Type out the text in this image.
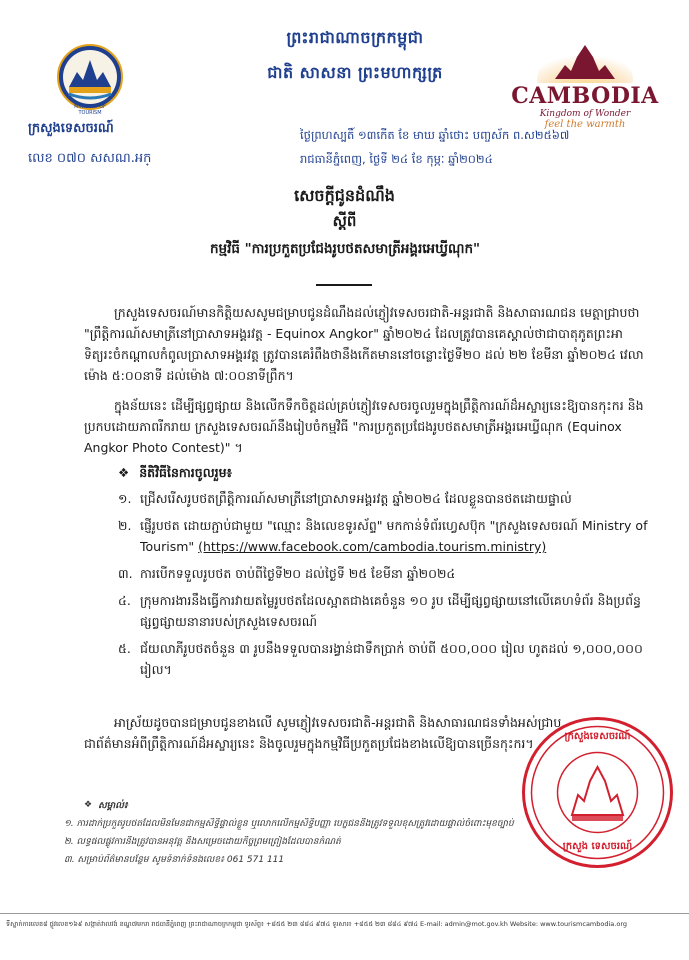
MINISTRY OF TOURISM
ក្រសួងទេសចរណ៍
លេខ ០៧០ សសណ.អក្
ព្រះរាជាណាចក្រកម្ពុជា
ជាតិ សាសនា ព្រះមហាក្សត្រ
CAMBODIA
Kingdom of Wonder
feel the warmth
ថ្ងៃព្រហស្បតិ៍ ១៣កើត ខែ មាឃ ឆ្នាំថោះ បញ្ចស័ក ព.ស២៥៦៧
រាជធានីភ្នំពេញ, ថ្ងៃទី ២៤ ខែ កុម្ភៈ ឆ្នាំ២០២៤
សេចក្តីជូនដំណឹង
ស្តីពី
កម្មវិធី "ការប្រកួតប្រជែងរូបថតសមាត្រីអង្គរអេឃ្វីណុក"
ក្រសួងទេសចរណ៍មានកិត្តិយសសូមជម្រាបជូនដំណឹងដល់ភ្ញៀវទេសចរជាតិ-អន្តរជាតិ និងសាធារណជន មេត្តាជ្រាបថា "ព្រឹត្តិការណ៍សមាត្រីនៅប្រាសាទអង្គរវត្ត - Equinox Angkor" ឆ្នាំ២០២៤ ដែលត្រូវបានគេស្គាល់ថាជាបាតុភូតព្រះអាទិត្យរះចំកណ្តាលកំពូលប្រាសាទអង្គរវត្ត ត្រូវបានគេរំពឹងថានឹងកើតមាននៅចន្លោះថ្ងៃទី២០ ដល់ ២២ ខែមីនា ឆ្នាំ២០២៤ វេលាម៉ោង ៥:០០នាទី ដល់ម៉ោង ៧:០០នាទីព្រឹក។
ក្នុងន័យនេះ ដើម្បីផ្សព្វផ្សាយ និងលើកទឹកចិត្តដល់គ្រប់ភ្ញៀវទេសចរចូលរួមក្នុងព្រឹត្តិការណ៍ដ៏អស្ចារ្យនេះឱ្យបានកុះករ និងប្រកបដោយភាពរីករាយ ក្រសួងទេសចរណ៍នឹងរៀបចំកម្មវិធី "ការប្រកួតប្រជែងរូបថតសមាត្រីអង្គរអេឃ្វីណុក (Equinox Angkor Photo Contest)" ។
❖ នីតិវិធីនៃការចូលរួម៖
១. ជ្រើសរើសរូបថតព្រឹត្តិការណ៍សមាត្រីនៅប្រាសាទអង្គរវត្ត ឆ្នាំ២០២៤ ដែលខ្លួនបានថតដោយផ្ទាល់
២. ផ្ញើរូបថត ដោយភ្ជាប់ជាមួយ "ឈ្មោះ និងលេខទូរស័ព្ទ" មកកាន់ទំព័រហ្វេសប៊ុក "ក្រសួងទេសចរណ៍ Ministry of Tourism" (https://www.facebook.com/cambodia.tourism.ministry)
៣. ការបើកទទួលរូបថត ចាប់ពីថ្ងៃទី២០ ដល់ថ្ងៃទី ២៥ ខែមីនា ឆ្នាំ២០២៤
៤. ក្រុមការងារនឹងធ្វើការវាយតម្លៃរូបថតដែលស្អាតជាងគេចំនួន ១០ រូប ដើម្បីផ្សព្វផ្សាយនៅលើគេហទំព័រ និងប្រព័ន្ធផ្សព្វផ្សាយនានារបស់ក្រសួងទេសចរណ៍
៥. ជ័យលាភីរូបថតចំនួន ៣ រូបនឹងទទួលបានរង្វាន់ជាទឹកប្រាក់ ចាប់ពី ៥០០,០០០ រៀល ហូតដល់ ១,០០០,០០០ រៀល។
អាស្រ័យដូចបានជម្រាបជូនខាងលើ សូមភ្ញៀវទេសចរជាតិ-អន្តរជាតិ និងសាធារណជនទាំងអស់ជ្រាបជាព័ត៌មានអំពីព្រឹត្តិការណ៍ដ៏អស្ចារ្យនេះ និងចូលរួមក្នុងកម្មវិធីប្រកួតប្រជែងខាងលើឱ្យបានច្រើនកុះករ។	ក្រសួងទេសចរណ៍
ក្រសួង ទេសចរណ៍
❖ សម្គាល់៖
១. ការដាក់ប្រកួតរូបថតដែលមិនមែនជាកម្មសិទ្ធិផ្ទាល់ខ្លួន ឬលោកលើកម្មសិទ្ធិបញ្ញា បេក្ខជននឹងត្រូវទទួលខុសត្រូវដោយផ្ទាល់ចំពោះមុខច្បាប់
២. លទ្ធផលផ្លូវការនឹងត្រូវបានអនុវត្ត និងសម្រេចដោយកិច្ចព្រមព្រៀងដែលបានកំណត់
៣. សម្រាប់ព័ត៌មានបន្ថែម សូមទំនាក់ទំនងលេខ៖ 061 571 111
ទីស្នាក់ការលេខ៨ ផ្លូវលេខ១៦៩ សង្កាត់វាលវង់ ខណ្ឌ៧មករា រាជធានីភ្នំពេញ ព្រះរាជាណាចក្រកម្ពុជា ទូរស័ព្ទ៖ +៨៥៥ ២៣ ៨៨៤ ៩៧៤ ទូរសារ៖ +៨៥៥ ២៣ ៨៨៤ ៩៧៤ E-mail: admin@mot.gov.kh Website: www.tourismcambodia.org
